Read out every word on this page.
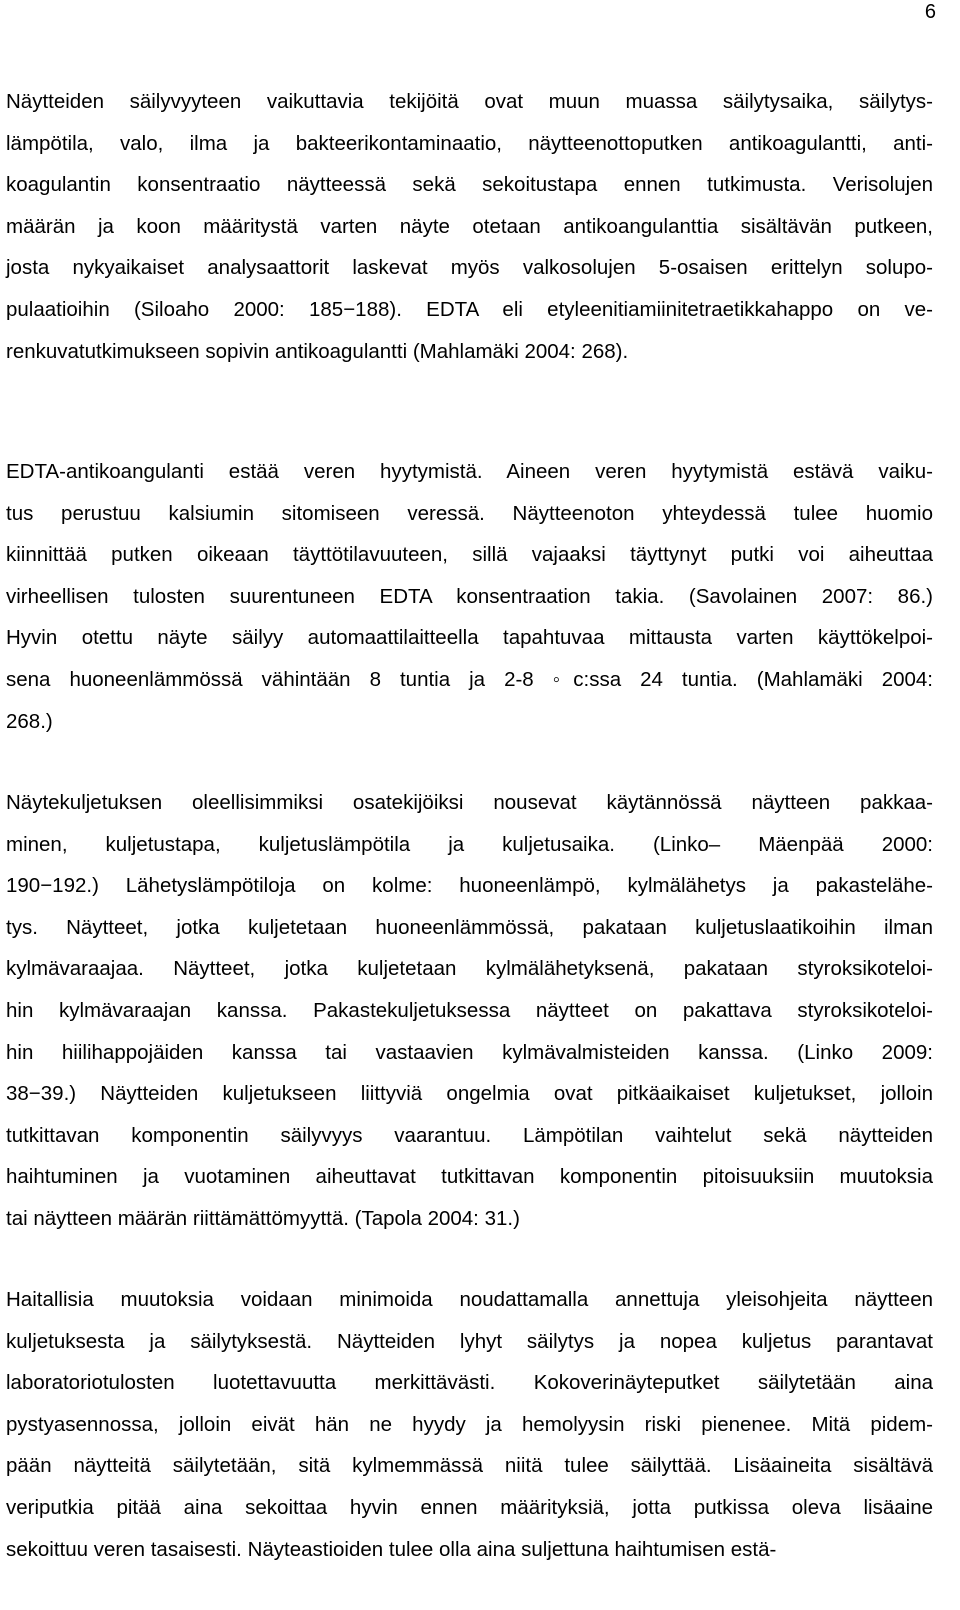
6
Näytteiden säilyvyyteen vaikuttavia tekijöitä ovat muun muassa säilytysaika, säilytys-
lämpötila, valo, ilma ja bakteerikontaminaatio, näytteenottoputken antikoagulantti, anti-
koagulantin konsentraatio näytteessä sekä sekoitustapa ennen tutkimusta. Verisolujen
määrän ja koon määritystä varten näyte otetaan antikoangulanttia sisältävän putkeen,
josta nykyaikaiset analysaattorit laskevat myös valkosolujen 5-osaisen erittelyn solupo-
pulaatioihin (Siloaho 2000: 185−188). EDTA eli etyleenitiamiinitetraetikkahappo on ve-
renkuvatutkimukseen sopivin antikoagulantti (Mahlamäki 2004: 268).
EDTA-antikoangulanti estää veren hyytymistä. Aineen veren hyytymistä estävä vaiku-
tus perustuu kalsiumin sitomiseen veressä. Näytteenoton yhteydessä tulee huomio
kiinnittää putken oikeaan täyttötilavuuteen, sillä vajaaksi täyttynyt putki voi aiheuttaa
virheellisen tulosten suurentuneen EDTA konsentraation takia. (Savolainen 2007: 86.)
Hyvin otettu näyte säilyy automaattilaitteella tapahtuvaa mittausta varten käyttökelpoi-
sena huoneenlämmössä vähintään 8 tuntia ja 2-8 ◦c:ssa 24 tuntia. (Mahlamäki 2004:
268.)
Näytekuljetuksen oleellisimmiksi osatekijöiksi nousevat käytännössä näytteen pakkaa-
minen, kuljetustapa, kuljetuslämpötila ja kuljetusaika. (Linko– Mäenpää 2000:
190−192.) Lähetyslämpötiloja on kolme: huoneenlämpö, kylmälähetys ja pakastelähe-
tys. Näytteet, jotka kuljetetaan huoneenlämmössä, pakataan kuljetuslaatikoihin ilman
kylmävaraajaa. Näytteet, jotka kuljetetaan kylmälähetyksenä, pakataan styroksikoteloi-
hin kylmävaraajan kanssa. Pakastekuljetuksessa näytteet on pakattava styroksikoteloi-
hin hiilihappojäiden kanssa tai vastaavien kylmävalmisteiden kanssa. (Linko 2009:
38−39.) Näytteiden kuljetukseen liittyviä ongelmia ovat pitkäaikaiset kuljetukset, jolloin
tutkittavan komponentin säilyvyys vaarantuu. Lämpötilan vaihtelut sekä näytteiden
haihtuminen ja vuotaminen aiheuttavat tutkittavan komponentin pitoisuuksiin muutoksia
tai näytteen määrän riittämättömyyttä. (Tapola 2004: 31.)
Haitallisia muutoksia voidaan minimoida noudattamalla annettuja yleisohjeita näytteen
kuljetuksesta ja säilytyksestä. Näytteiden lyhyt säilytys ja nopea kuljetus parantavat
laboratoriotulosten luotettavuutta merkittävästi. Kokoverinäyteputket säilytetään aina
pystyasennossa, jolloin eivät hän ne hyydy ja hemolyysin riski pienenee. Mitä pidem-
pään näytteitä säilytetään, sitä kylmemmässä niitä tulee säilyttää. Lisäaineita sisältävä
veriputkia pitää aina sekoittaa hyvin ennen määrityksiä, jotta putkissa oleva lisäaine
sekoittuu veren tasaisesti. Näyteastioiden tulee olla aina suljettuna haihtumisen estä-
